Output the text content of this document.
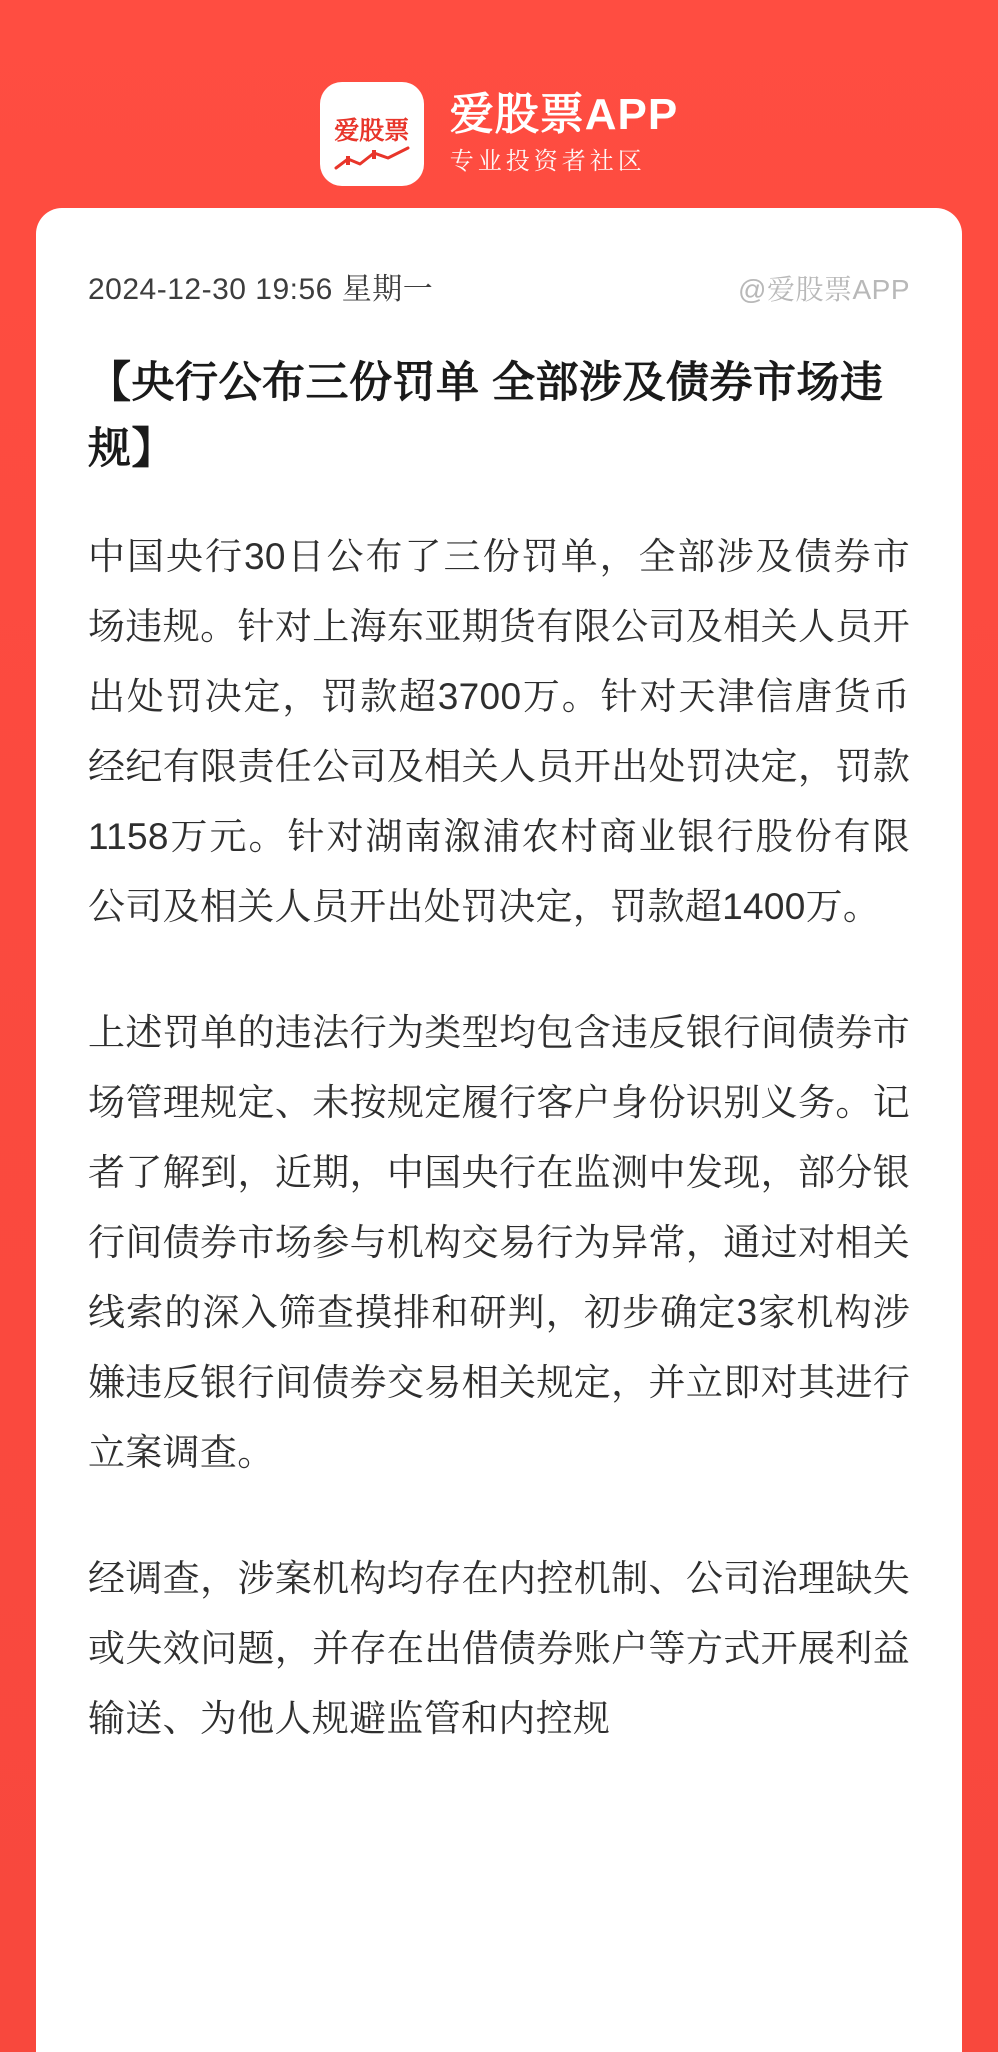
爱股票 爱股票APP
专业投资者社区
2024-12-30 19:56 星期一	@爱股票APP
【央行公布三份罚单 全部涉及债券市场违规】

中国央行30日公布了三份罚单，全部涉及债券市场违规。针对上海东亚期货有限公司及相关人员开出处罚决定，罚款超3700万。针对天津信唐货币经纪有限责任公司及相关人员开出处罚决定，罚款1158万元。针对湖南溆浦农村商业银行股份有限公司及相关人员开出处罚决定，罚款超1400万。

上述罚单的违法行为类型均包含违反银行间债券市场管理规定、未按规定履行客户身份识别义务。记者了解到，近期，中国央行在监测中发现，部分银行间债券市场参与机构交易行为异常，通过对相关线索的深入筛查摸排和研判，初步确定3家机构涉嫌违反银行间债券交易相关规定，并立即对其进行立案调查。

经调查，涉案机构均存在内控机制、公司治理缺失或失效问题，并存在出借债券账户等方式开展利益输送、为他人规避监管和内控规
